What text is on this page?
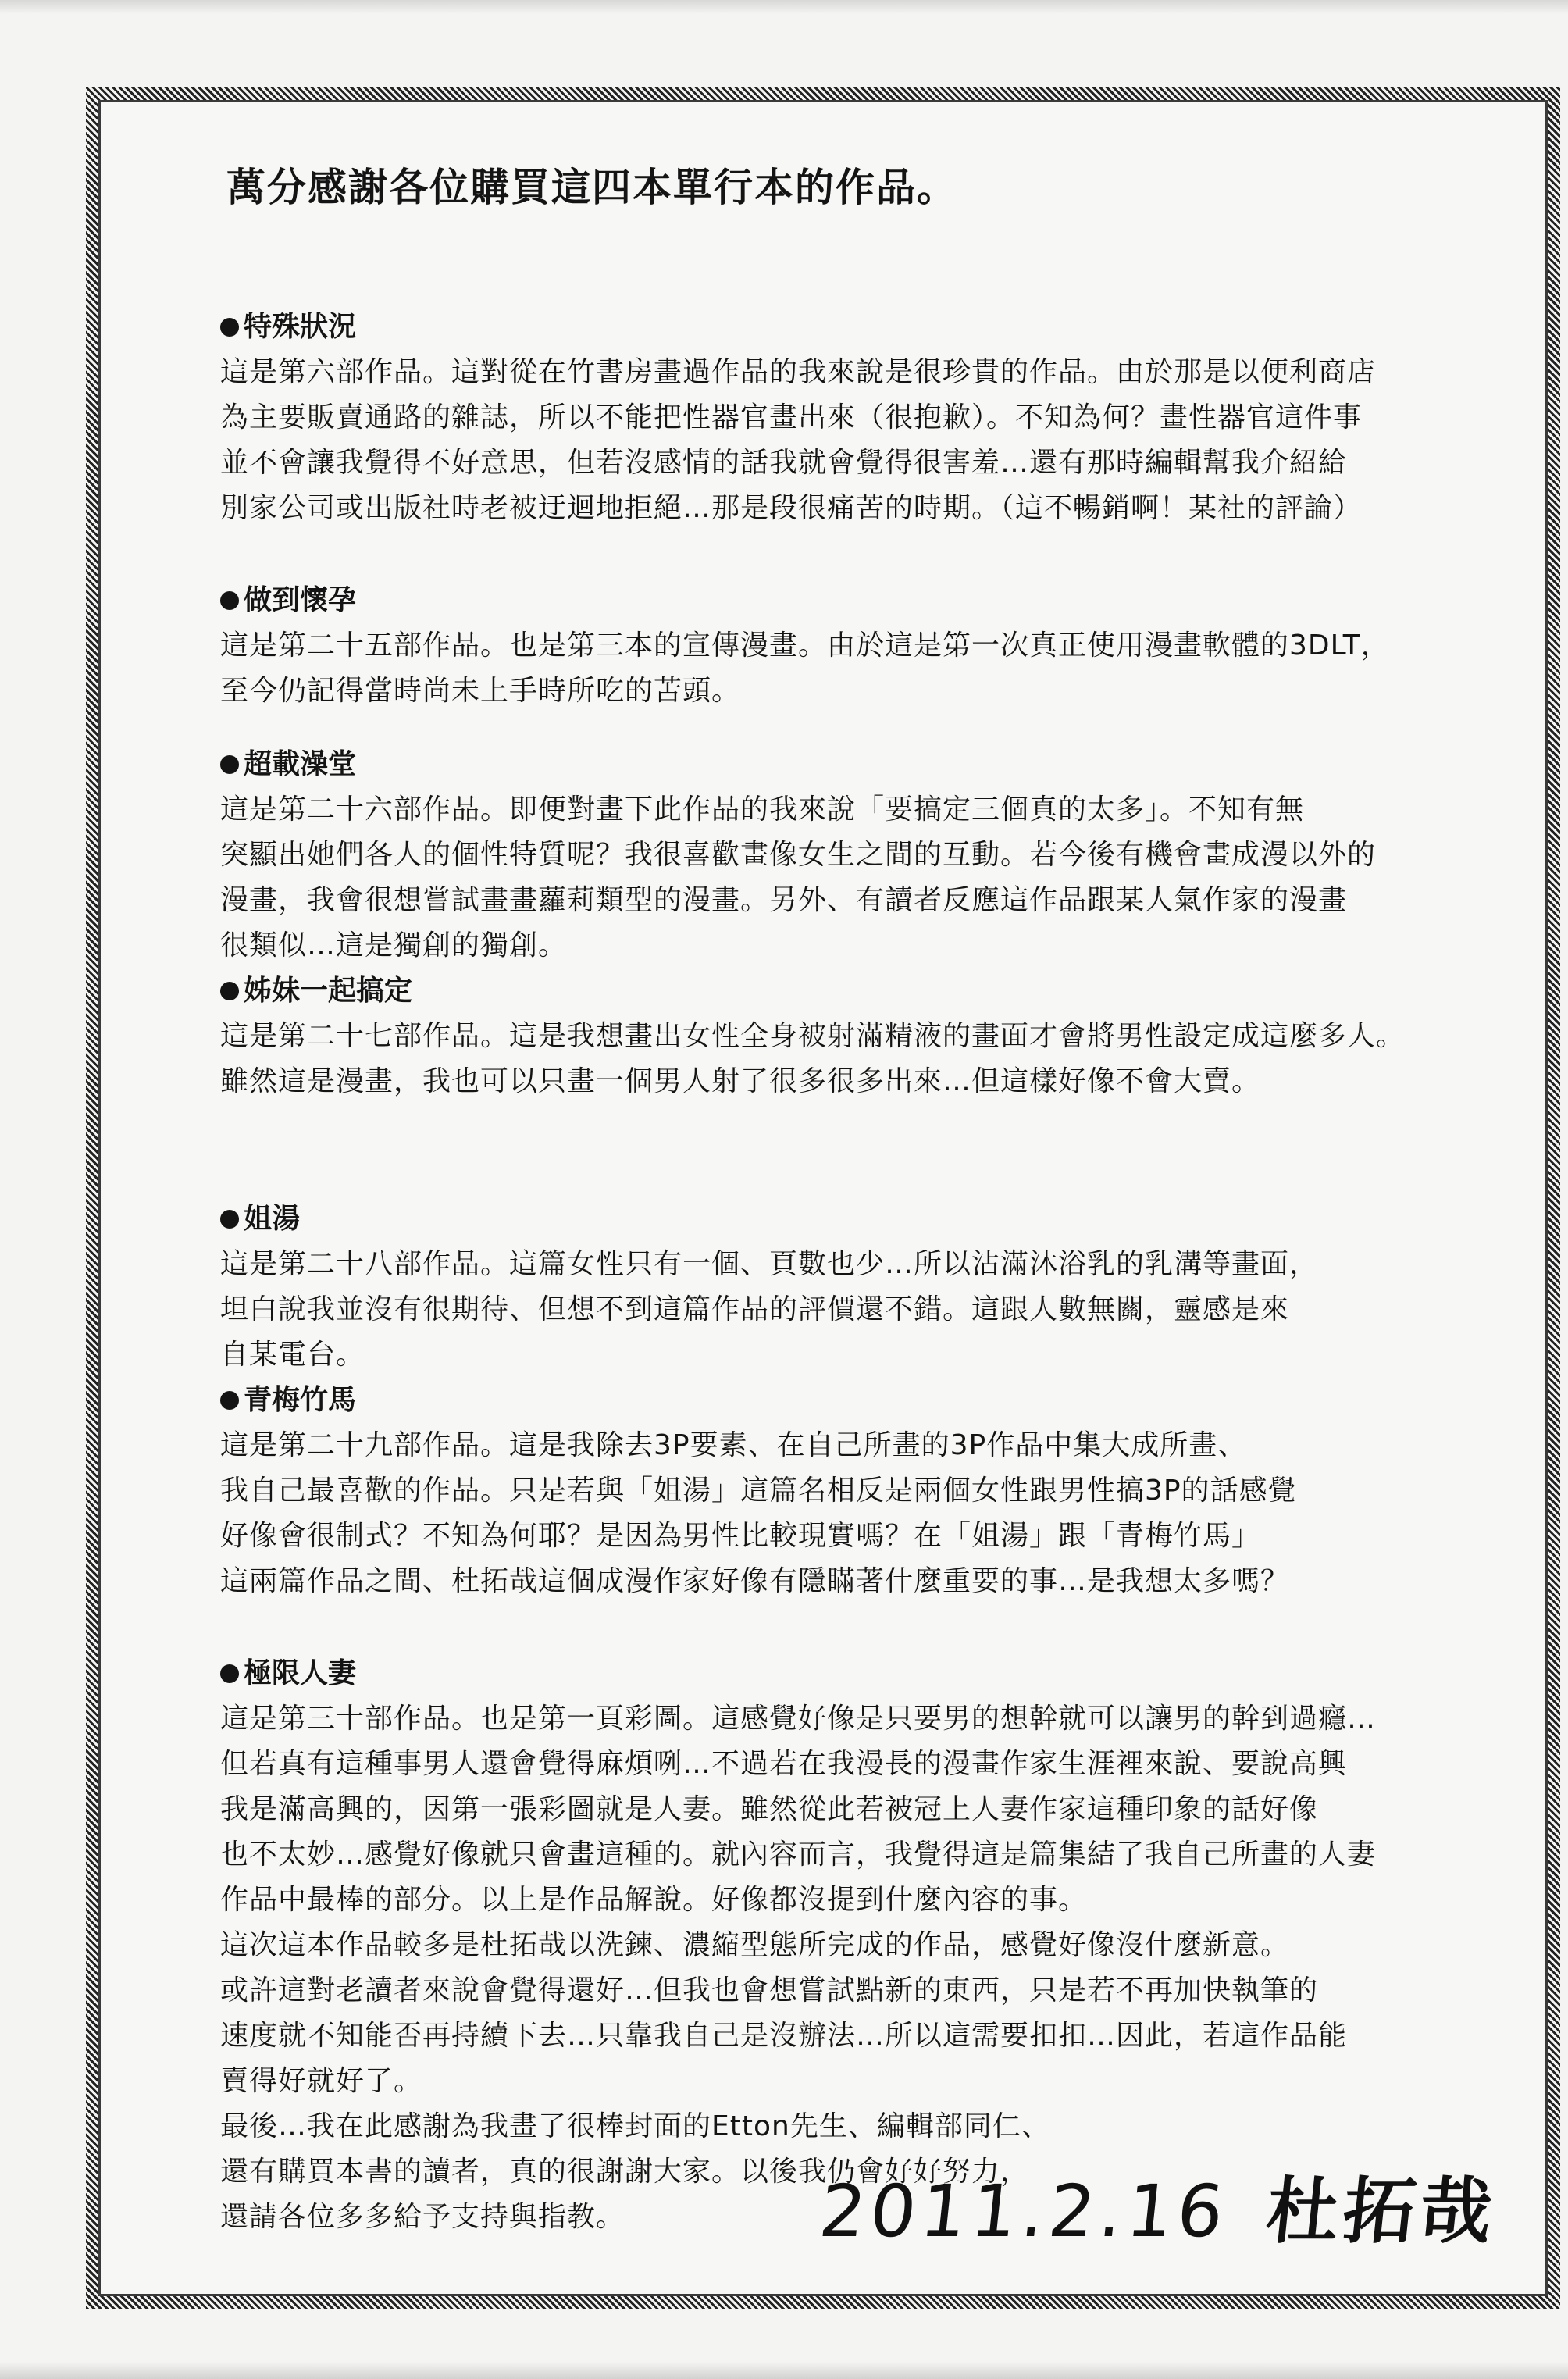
萬分感謝各位購買這四本單行本的作品。
特殊狀況
這是第六部作品。這對從在竹書房畫過作品的我來說是很珍貴的作品。由於那是以便利商店
為主要販賣通路的雜誌，所以不能把性器官畫出來（很抱歉）。不知為何？畫性器官這件事
並不會讓我覺得不好意思，但若沒感情的話我就會覺得很害羞…還有那時編輯幫我介紹給
別家公司或出版社時老被迂迴地拒絕…那是段很痛苦的時期。（這不暢銷啊！某社的評論）
做到懷孕
這是第二十五部作品。也是第三本的宣傳漫畫。由於這是第一次真正使用漫畫軟體的3DLT，
至今仍記得當時尚未上手時所吃的苦頭。
超載澡堂
這是第二十六部作品。即便對畫下此作品的我來說「要搞定三個真的太多」。不知有無
突顯出她們各人的個性特質呢？我很喜歡畫像女生之間的互動。若今後有機會畫成漫以外的
漫畫，我會很想嘗試畫畫蘿莉類型的漫畫。另外、有讀者反應這作品跟某人氣作家的漫畫
很類似…這是獨創的獨創。
姊妹一起搞定
這是第二十七部作品。這是我想畫出女性全身被射滿精液的畫面才會將男性設定成這麼多人。
雖然這是漫畫，我也可以只畫一個男人射了很多很多出來…但這樣好像不會大賣。
姐湯
這是第二十八部作品。這篇女性只有一個、頁數也少…所以沾滿沐浴乳的乳溝等畫面，
坦白說我並沒有很期待、但想不到這篇作品的評價還不錯。這跟人數無關，靈感是來
自某電台。
青梅竹馬
這是第二十九部作品。這是我除去3P要素、在自己所畫的3P作品中集大成所畫、
我自己最喜歡的作品。只是若與「姐湯」這篇名相反是兩個女性跟男性搞3P的話感覺
好像會很制式？不知為何耶？是因為男性比較現實嗎？在「姐湯」跟「青梅竹馬」
這兩篇作品之間、杜拓哉這個成漫作家好像有隱瞞著什麼重要的事…是我想太多嗎？
極限人妻
這是第三十部作品。也是第一頁彩圖。這感覺好像是只要男的想幹就可以讓男的幹到過癮…
但若真有這種事男人還會覺得麻煩咧…不過若在我漫長的漫畫作家生涯裡來說、要說高興
我是滿高興的，因第一張彩圖就是人妻。雖然從此若被冠上人妻作家這種印象的話好像
也不太妙…感覺好像就只會畫這種的。就內容而言，我覺得這是篇集結了我自己所畫的人妻
作品中最棒的部分。以上是作品解說。好像都沒提到什麼內容的事。
這次這本作品較多是杜拓哉以洗鍊、濃縮型態所完成的作品，感覺好像沒什麼新意。
或許這對老讀者來說會覺得還好…但我也會想嘗試點新的東西，只是若不再加快執筆的
速度就不知能否再持續下去…只靠我自己是沒辦法…所以這需要扣扣…因此，若這作品能
賣得好就好了。
最後…我在此感謝為我畫了很棒封面的Etton先生、編輯部同仁、
還有購買本書的讀者，真的很謝謝大家。以後我仍會好好努力，
還請各位多多給予支持與指教。	2011.2.16 杜拓哉
